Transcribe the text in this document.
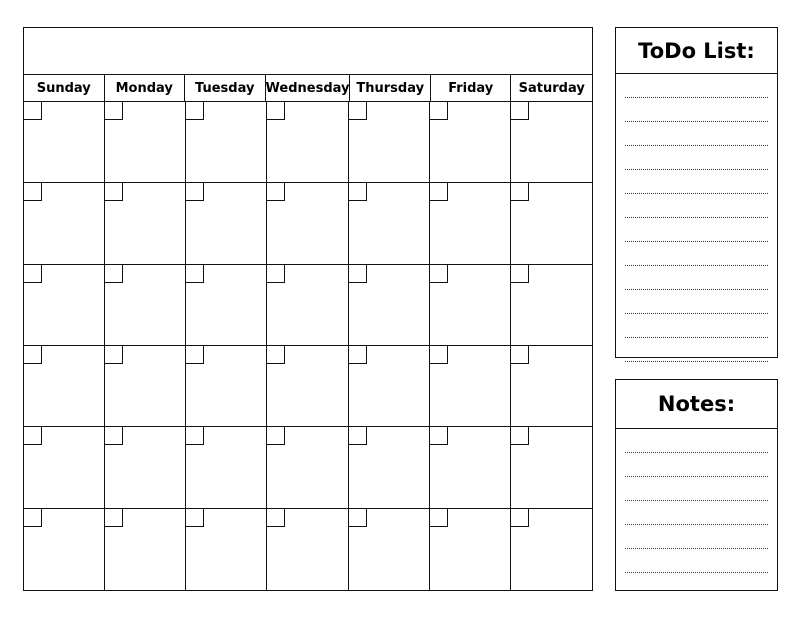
Sunday	Monday	Tuesday Wednesday Thursday	Friday	Saturday
ToDo List:
Notes:
